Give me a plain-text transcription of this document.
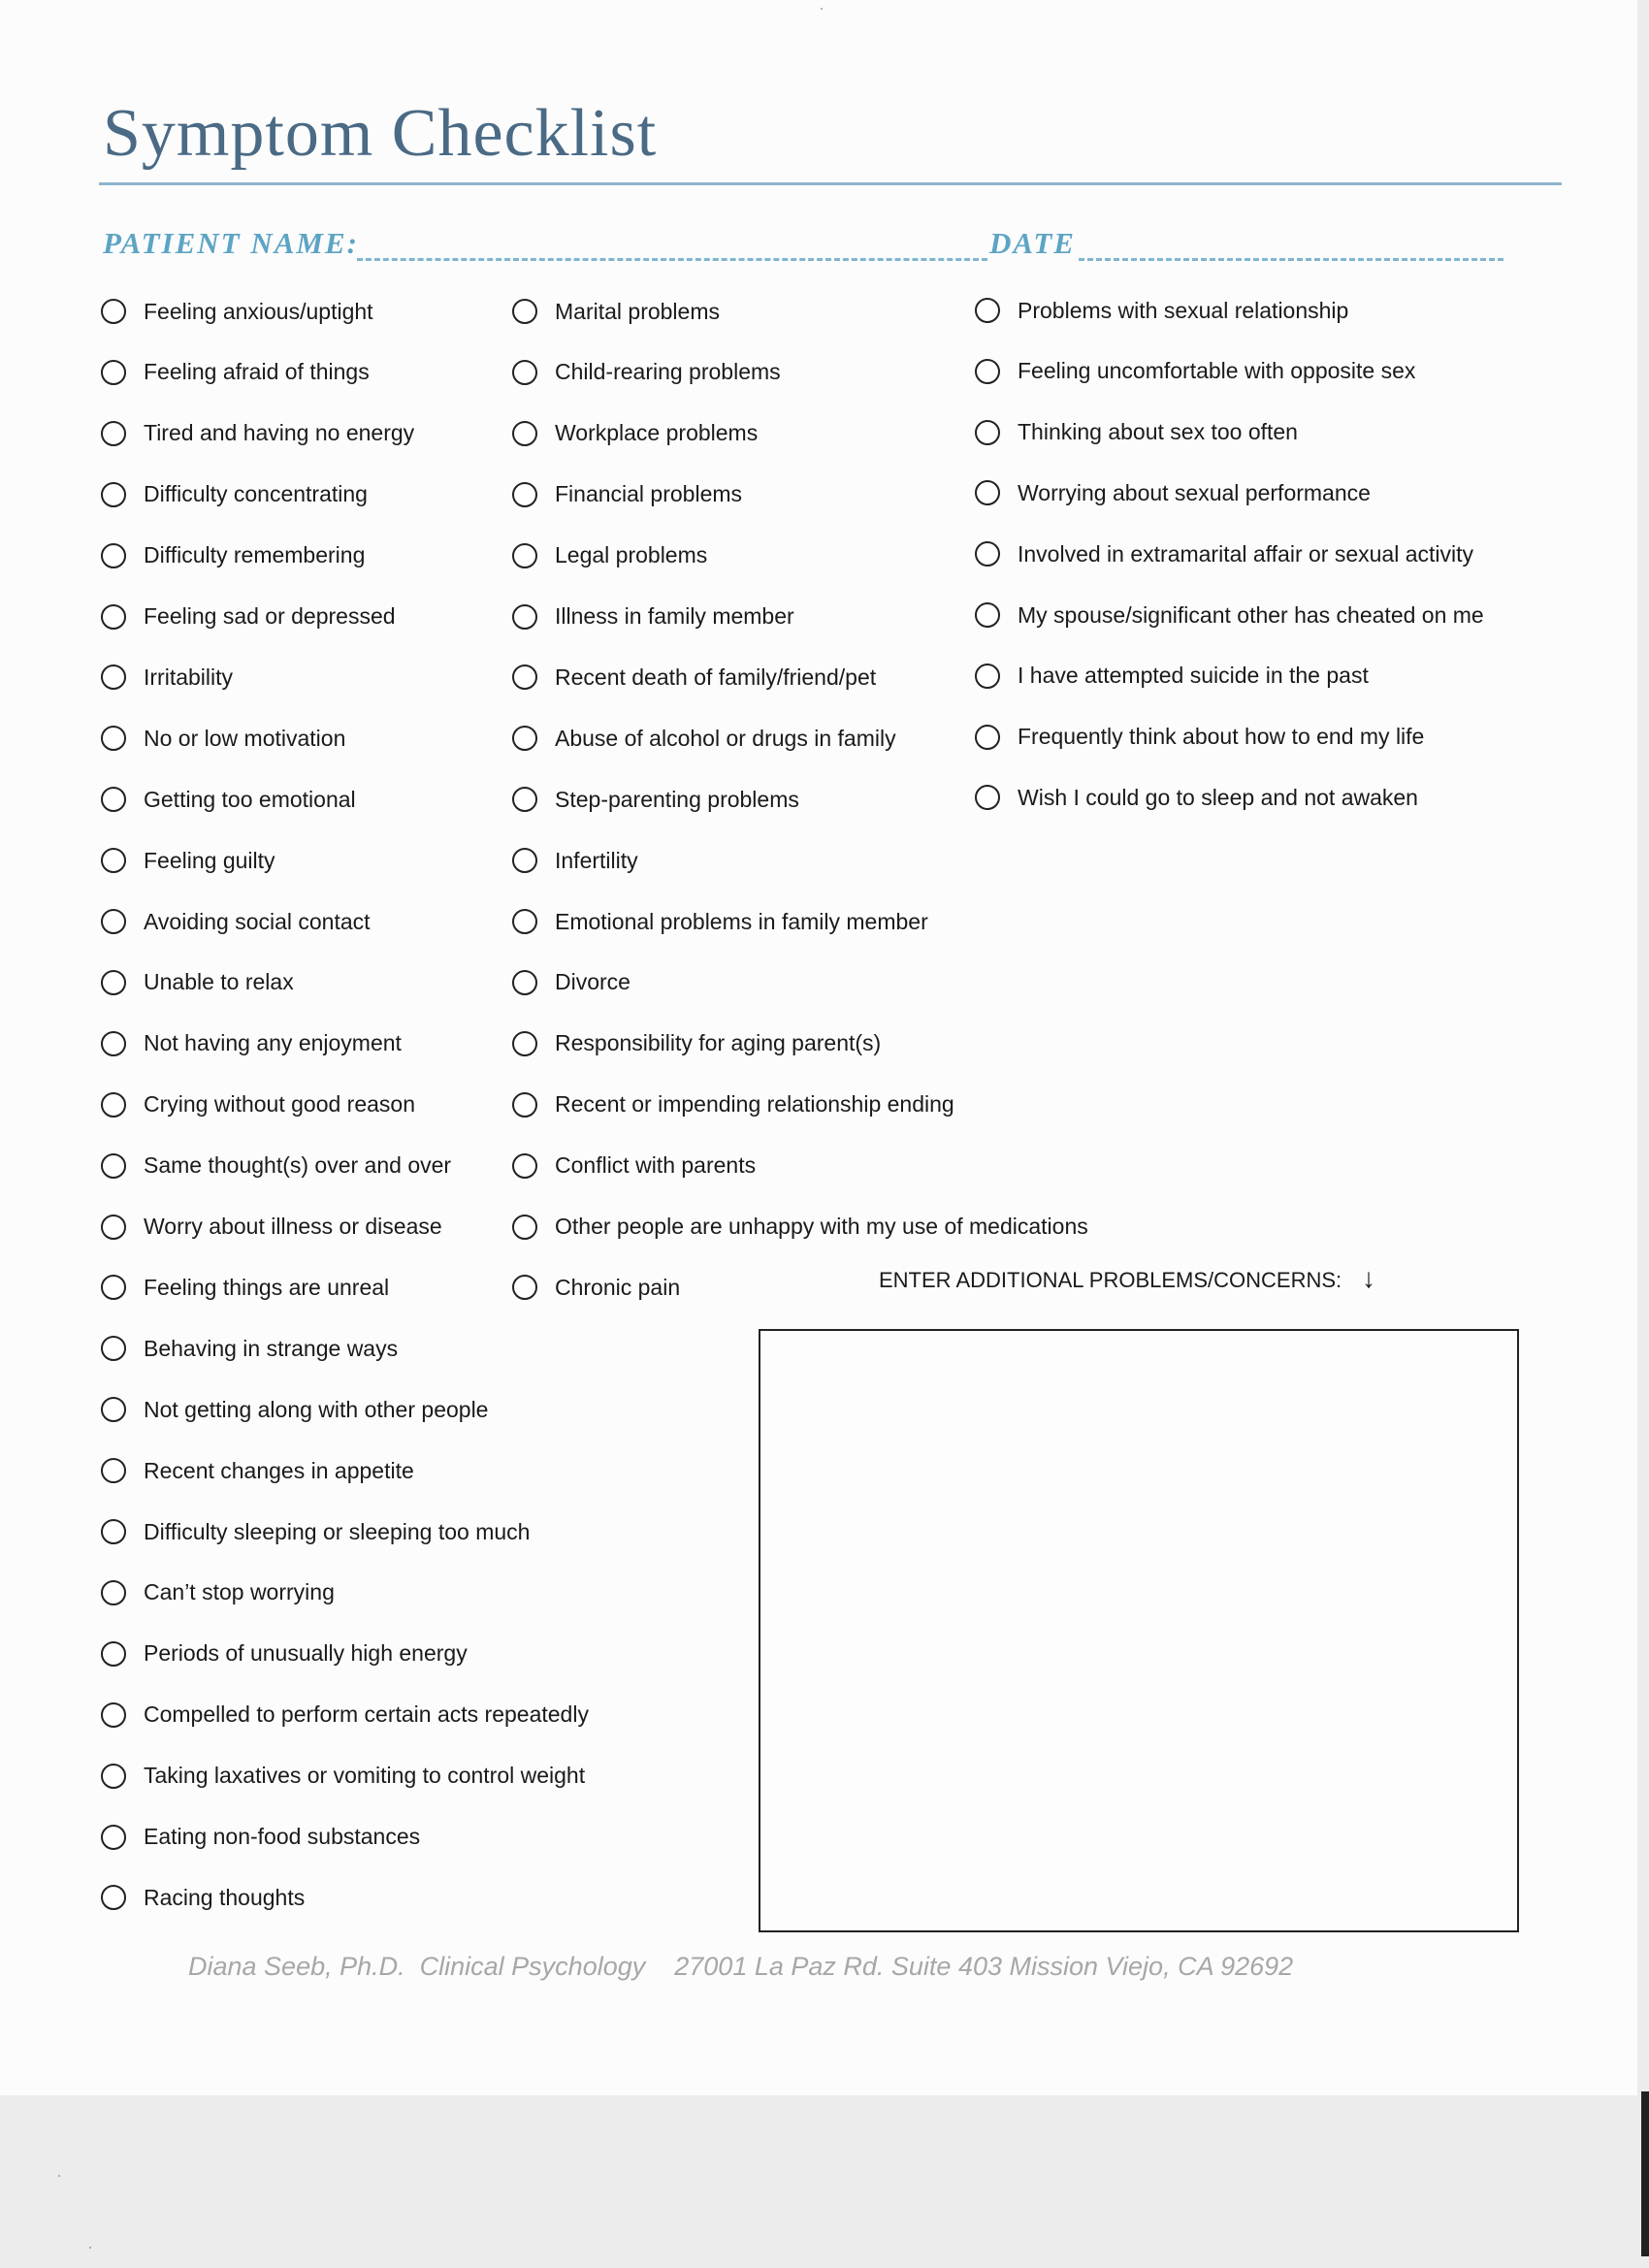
Symptom Checklist
PATIENT NAME:	DATE
Feeling anxious/uptight
Feeling afraid of things
Tired and having no energy
Difficulty concentrating
Difficulty remembering
Feeling sad or depressed
Irritability
No or low motivation
Getting too emotional
Feeling guilty
Avoiding social contact
Unable to relax
Not having any enjoyment
Crying without good reason
Same thought(s) over and over
Worry about illness or disease
Feeling things are unreal
Behaving in strange ways
Not getting along with other people
Recent changes in appetite
Difficulty sleeping or sleeping too much
Can’t stop worrying
Periods of unusually high energy
Compelled to perform certain acts repeatedly
Taking laxatives or vomiting to control weight
Eating non-food substances
Racing thoughts
Marital problems
Child-rearing problems
Workplace problems
Financial problems
Legal problems
Illness in family member
Recent death of family/friend/pet
Abuse of alcohol or drugs in family
Step-parenting problems
Infertility
Emotional problems in family member
Divorce
Responsibility for aging parent(s)
Recent or impending relationship ending
Conflict with parents
Other people are unhappy with my use of medications
Chronic pain
Problems with sexual relationship
Feeling uncomfortable with opposite sex
Thinking about sex too often
Worrying about sexual performance
Involved in extramarital affair or sexual activity
My spouse/significant other has cheated on me
I have attempted suicide in the past
Frequently think about how to end my life
Wish I could go to sleep and not awaken
ENTER ADDITIONAL PROBLEMS/CONCERNS: ↓
Diana Seeb, Ph.D.  Clinical Psychology 27001 La Paz Rd. Suite 403 Mission Viejo, CA 92692
